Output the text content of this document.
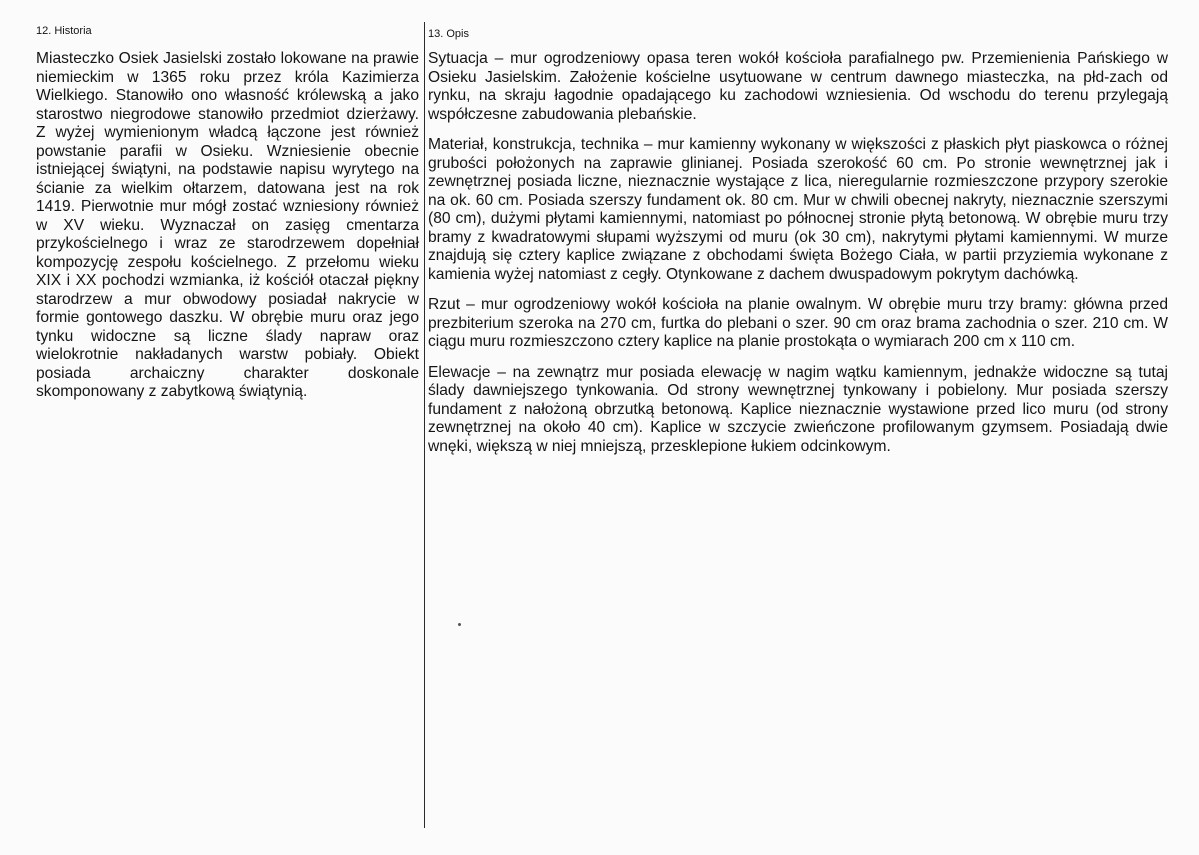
12. Historia

Miasteczko Osiek Jasielski zostało lokowane na prawie niemieckim w 1365 roku przez króla Kazimierza Wielkiego. Stanowiło ono własność królewską a jako starostwo niegrodowe stanowiło przedmiot dzierżawy. Z wyżej wymienionym władcą łączone jest również powstanie parafii w Osieku. Wzniesienie obecnie istniejącej świątyni, na podstawie napisu wyrytego na ścianie za wielkim ołtarzem, datowana jest na rok 1419. Pierwotnie mur mógł zostać wzniesiony również w XV wieku. Wyznaczał on zasięg cmentarza przykościelnego i wraz ze starodrzewem dopełniał kompozycję zespołu kościelnego. Z przełomu wieku XIX i XX pochodzi wzmianka, iż kościół otaczał piękny starodrzew a mur obwodowy posiadał nakrycie w formie gontowego daszku. W obrębie muru oraz jego tynku widoczne są liczne ślady napraw oraz wielokrotnie nakładanych warstw pobiały. Obiekt posiada archaiczny charakter doskonale skomponowany z zabytkową świątynią.

13. Opis

Sytuacja – mur ogrodzeniowy opasa teren wokół kościoła parafialnego pw. Przemienienia Pańskiego w Osieku Jasielskim. Założenie kościelne usytuowane w centrum dawnego miasteczka, na płd-zach od rynku, na skraju łagodnie opadającego ku zachodowi wzniesienia. Od wschodu do terenu przylegają współczesne zabudowania plebańskie.

Materiał, konstrukcja, technika – mur kamienny wykonany w większości z płaskich płyt piaskowca o różnej grubości położonych na zaprawie glinianej. Posiada szerokość 60 cm. Po stronie wewnętrznej jak i zewnętrznej posiada liczne, nieznacznie wystające z lica, nieregularnie rozmieszczone przypory szerokie na ok. 60 cm. Posiada szerszy fundament ok. 80 cm. Mur w chwili obecnej nakryty, nieznacznie szerszymi (80 cm), dużymi płytami kamiennymi, natomiast po północnej stronie płytą betonową. W obrębie muru trzy bramy z kwadratowymi słupami wyższymi od muru (ok 30 cm), nakrytymi płytami kamiennymi. W murze znajdują się cztery kaplice związane z obchodami święta Bożego Ciała, w partii przyziemia wykonane z kamienia wyżej natomiast z cegły. Otynkowane z dachem dwuspadowym pokrytym dachówką.

Rzut – mur ogrodzeniowy wokół kościoła na planie owalnym. W obrębie muru trzy bramy: główna przed prezbiterium szeroka na 270 cm, furtka do plebani o szer. 90 cm oraz brama zachodnia o szer. 210 cm. W ciągu muru rozmieszczono cztery kaplice na planie prostokąta o wymiarach 200 cm x 110 cm.

Elewacje – na zewnątrz mur posiada elewację w nagim wątku kamiennym, jednakże widoczne są tutaj ślady dawniejszego tynkowania. Od strony wewnętrznej tynkowany i pobielony. Mur posiada szerszy fundament z nałożoną obrzutką betonową. Kaplice nieznacznie wystawione przed lico muru (od strony zewnętrznej na około 40 cm). Kaplice w szczycie zwieńczone profilowanym gzymsem. Posiadają dwie wnęki, większą w niej mniejszą, przesklepione łukiem odcinkowym.
